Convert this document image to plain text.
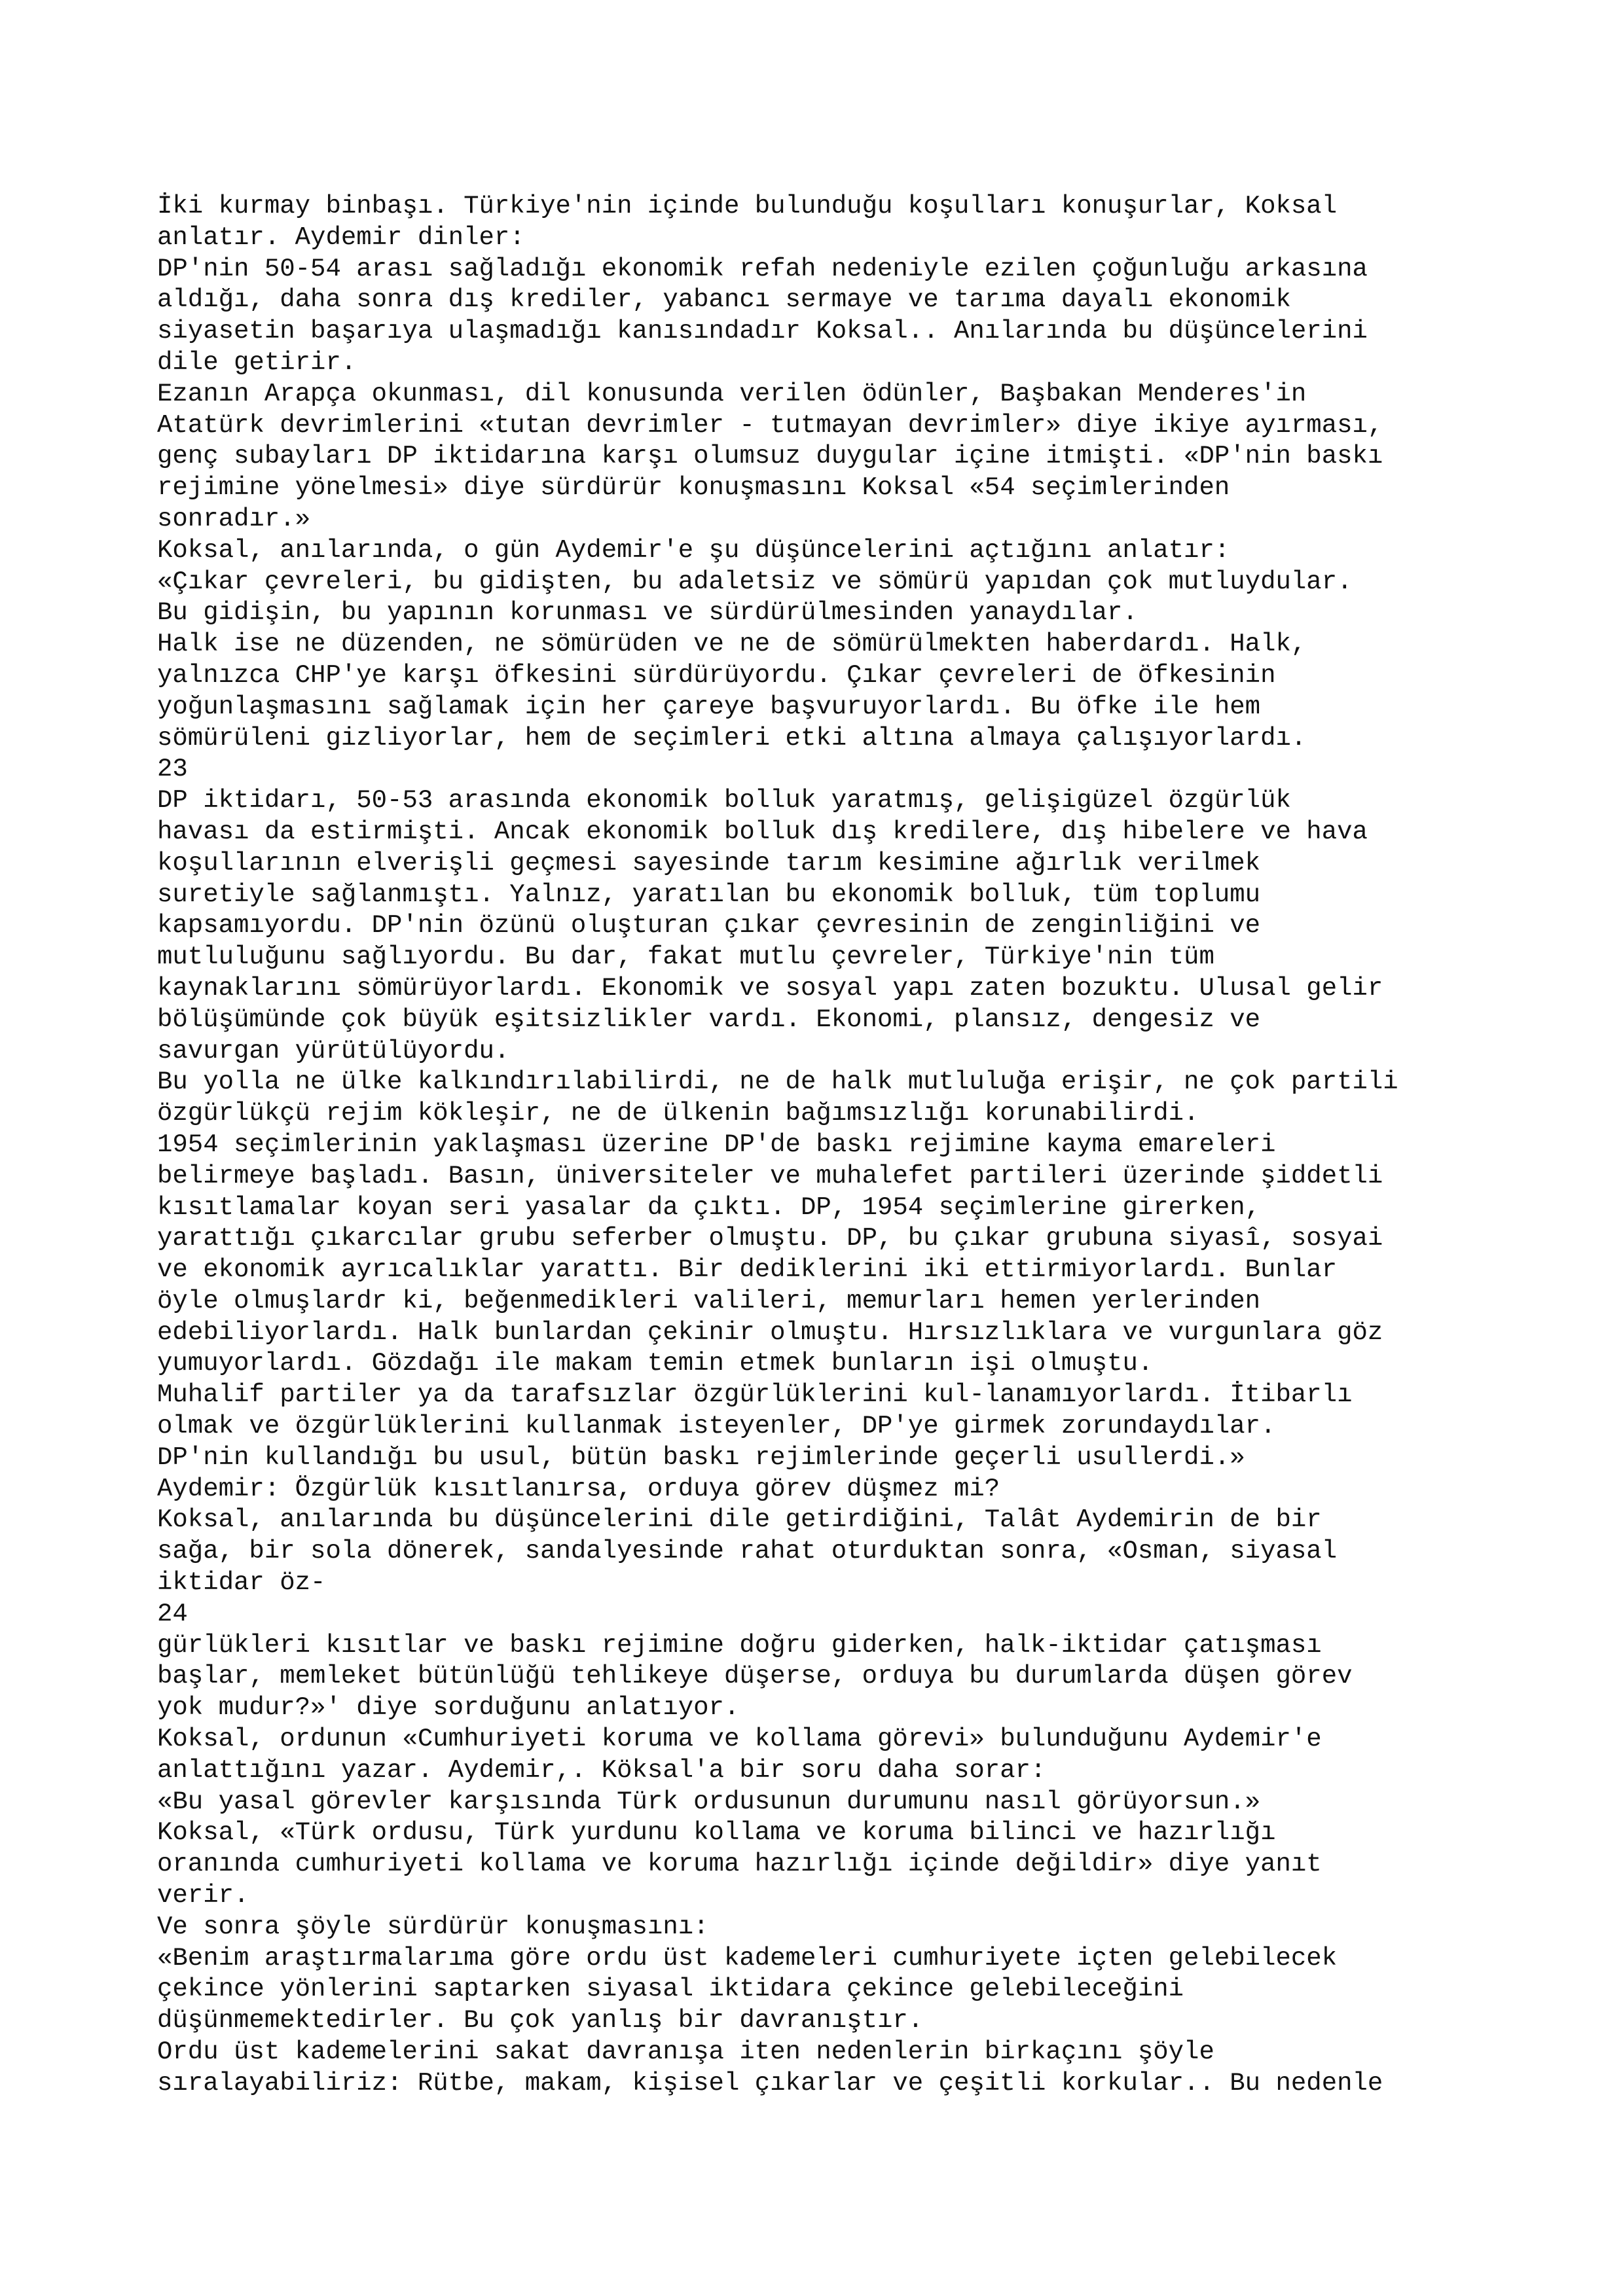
İki kurmay binbaşı. Türkiye'nin içinde bulunduğu koşulları konuşurlar, Koksal
anlatır. Aydemir dinler:
DP'nin 50-54 arası sağladığı ekonomik refah nedeniyle ezilen çoğunluğu arkasına
aldığı, daha sonra dış krediler, yabancı sermaye ve tarıma dayalı ekonomik
siyasetin başarıya ulaşmadığı kanısındadır Koksal.. Anılarında bu düşüncelerini
dile getirir.
Ezanın Arapça okunması, dil konusunda verilen ödünler, Başbakan Menderes'in
Atatürk devrimlerini «tutan devrimler - tutmayan devrimler» diye ikiye ayırması,
genç subayları DP iktidarına karşı olumsuz duygular içine itmişti. «DP'nin baskı
rejimine yönelmesi» diye sürdürür konuşmasını Koksal «54 seçimlerinden
sonradır.»
Koksal, anılarında, o gün Aydemir'e şu düşüncelerini açtığını anlatır:
«Çıkar çevreleri, bu gidişten, bu adaletsiz ve sömürü yapıdan çok mutluydular.
Bu gidişin, bu yapının korunması ve sürdürülmesinden yanaydılar.
Halk ise ne düzenden, ne sömürüden ve ne de sömürülmekten haberdardı. Halk,
yalnızca CHP'ye karşı öfkesini sürdürüyordu. Çıkar çevreleri de öfkesinin
yoğunlaşmasını sağlamak için her çareye başvuruyorlardı. Bu öfke ile hem
sömürüleni gizliyorlar, hem de seçimleri etki altına almaya çalışıyorlardı.
23
DP iktidarı, 50-53 arasında ekonomik bolluk yaratmış, gelişigüzel özgürlük
havası da estirmişti. Ancak ekonomik bolluk dış kredilere, dış hibelere ve hava
koşullarının elverişli geçmesi sayesinde tarım kesimine ağırlık verilmek
suretiyle sağlanmıştı. Yalnız, yaratılan bu ekonomik bolluk, tüm toplumu
kapsamıyordu. DP'nin özünü oluşturan çıkar çevresinin de zenginliğini ve
mutluluğunu sağlıyordu. Bu dar, fakat mutlu çevreler, Türkiye'nin tüm
kaynaklarını sömürüyorlardı. Ekonomik ve sosyal yapı zaten bozuktu. Ulusal gelir
bölüşümünde çok büyük eşitsizlikler vardı. Ekonomi, plansız, dengesiz ve
savurgan yürütülüyordu.
Bu yolla ne ülke kalkındırılabilirdi, ne de halk mutluluğa erişir, ne çok partili
özgürlükçü rejim kökleşir, ne de ülkenin bağımsızlığı korunabilirdi.
1954 seçimlerinin yaklaşması üzerine DP'de baskı rejimine kayma emareleri
belirmeye başladı. Basın, üniversiteler ve muhalefet partileri üzerinde şiddetli
kısıtlamalar koyan seri yasalar da çıktı. DP, 1954 seçimlerine girerken,
yarattığı çıkarcılar grubu seferber olmuştu. DP, bu çıkar grubuna siyasî, sosyai
ve ekonomik ayrıcalıklar yarattı. Bir dediklerini iki ettirmiyorlardı. Bunlar
öyle olmuşlardr ki, beğenmedikleri valileri, memurları hemen yerlerinden
edebiliyorlardı. Halk bunlardan çekinir olmuştu. Hırsızlıklara ve vurgunlara göz
yumuyorlardı. Gözdağı ile makam temin etmek bunların işi olmuştu.
Muhalif partiler ya da tarafsızlar özgürlüklerini kul-lanamıyorlardı. İtibarlı
olmak ve özgürlüklerini kullanmak isteyenler, DP'ye girmek zorundaydılar.
DP'nin kullandığı bu usul, bütün baskı rejimlerinde geçerli usullerdi.»
Aydemir: Özgürlük kısıtlanırsa, orduya görev düşmez mi?
Koksal, anılarında bu düşüncelerini dile getirdiğini, Talât Aydemirin de bir
sağa, bir sola dönerek, sandalyesinde rahat oturduktan sonra, «Osman, siyasal
iktidar öz-
24
gürlükleri kısıtlar ve baskı rejimine doğru giderken, halk-iktidar çatışması
başlar, memleket bütünlüğü tehlikeye düşerse, orduya bu durumlarda düşen görev
yok mudur?»' diye sorduğunu anlatıyor.
Koksal, ordunun «Cumhuriyeti koruma ve kollama görevi» bulunduğunu Aydemir'e
anlattığını yazar. Aydemir,. Köksal'a bir soru daha sorar:
«Bu yasal görevler karşısında Türk ordusunun durumunu nasıl görüyorsun.»
Koksal, «Türk ordusu, Türk yurdunu kollama ve koruma bilinci ve hazırlığı
oranında cumhuriyeti kollama ve koruma hazırlığı içinde değildir» diye yanıt
verir.
Ve sonra şöyle sürdürür konuşmasını:
«Benim araştırmalarıma göre ordu üst kademeleri cumhuriyete içten gelebilecek
çekince yönlerini saptarken siyasal iktidara çekince gelebileceğini
düşünmemektedirler. Bu çok yanlış bir davranıştır.
Ordu üst kademelerini sakat davranışa iten nedenlerin birkaçını şöyle
sıralayabiliriz: Rütbe, makam, kişisel çıkarlar ve çeşitli korkular.. Bu nedenle
